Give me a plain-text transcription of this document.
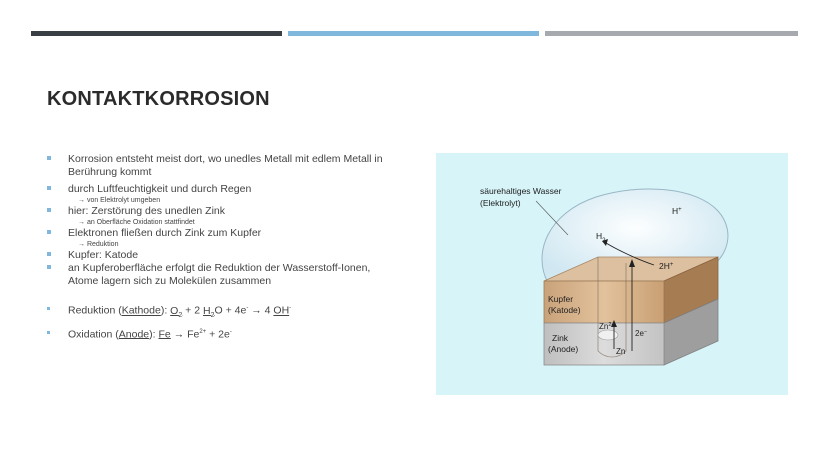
KONTAKTKORROSION
Korrosion entsteht meist dort, wo unedles Metall mit edlem Metall in Berührung kommt
durch Luftfeuchtigkeit und durch Regen
→ von Elektrolyt umgeben
hier: Zerstörung des unedlen Zink
→ an Oberfläche Oxidation stattfindet
Elektronen fließen durch Zink zum Kupfer
→ Reduktion
Kupfer: Katode
an Kupferoberfläche erfolgt die Reduktion der Wasserstoff-Ionen, Atome lagern sich zu Molekülen zusammen
Reduktion (Kathode): $O_2 + 2$ $H_2O + 4e^- \to 4$ OH-
Oxidation (Anode): $Fe \to Fe^{2+} + 2e^-$
säurehaltiges Wasser
(Elektrolyt)
H+
$H_2$
2H+
Kupfer
(Katode)
Zink
(Anode)
$Zn^{2+}$
2e−
Zn
